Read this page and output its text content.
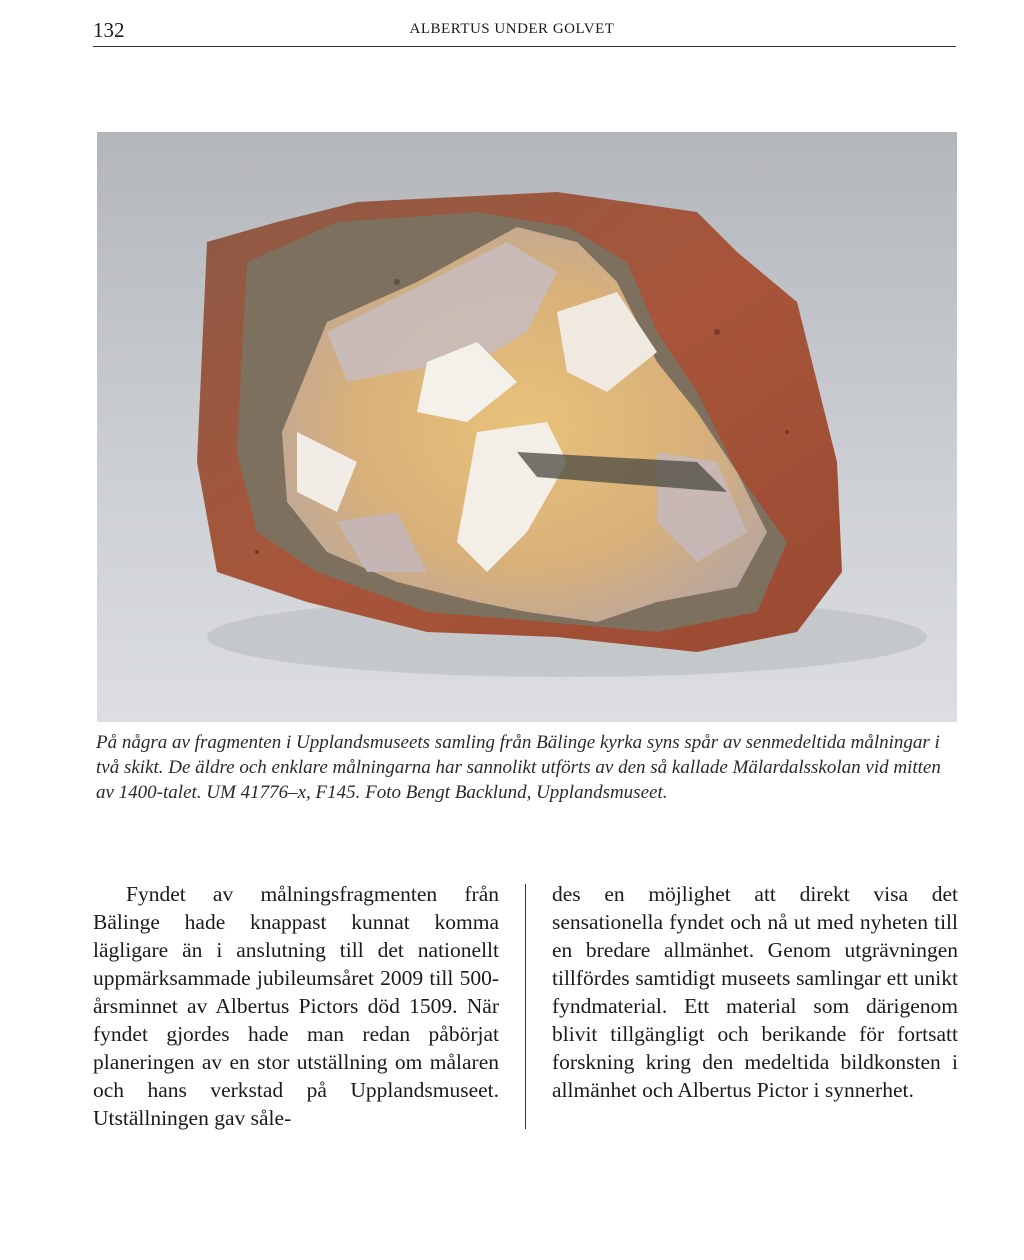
132	ALBERTUS UNDER GOLVET
På några av fragmenten i Upplandsmuseets samling från Bälinge kyrka syns spår av senmedeltida målningar i två skikt. De äldre och enklare målningarna har sannolikt utförts av den så kallade Mälardalsskolan vid mitten av 1400-talet. UM 41776–x, F145. Foto Bengt Backlund, Upplandsmuseet.
Fyndet av målningsfragmenten från Bälinge hade knappast kunnat komma lägligare än i anslutning till det nationellt uppmärksammade jubileumsåret 2009 till 500-årsminnet av Albertus Pictors död 1509. När fyndet gjordes hade man redan påbörjat planeringen av en stor utställning om målaren och hans verkstad på Upplandsmuseet. Utställningen gav såle-
des en möjlighet att direkt visa det sensationella fyndet och nå ut med nyheten till en bredare allmänhet. Genom utgrävningen tillfördes samtidigt museets samlingar ett unikt fyndmaterial. Ett material som därigenom blivit tillgängligt och berikande för fortsatt forskning kring den medeltida bildkonsten i allmänhet och Albertus Pictor i synnerhet.
